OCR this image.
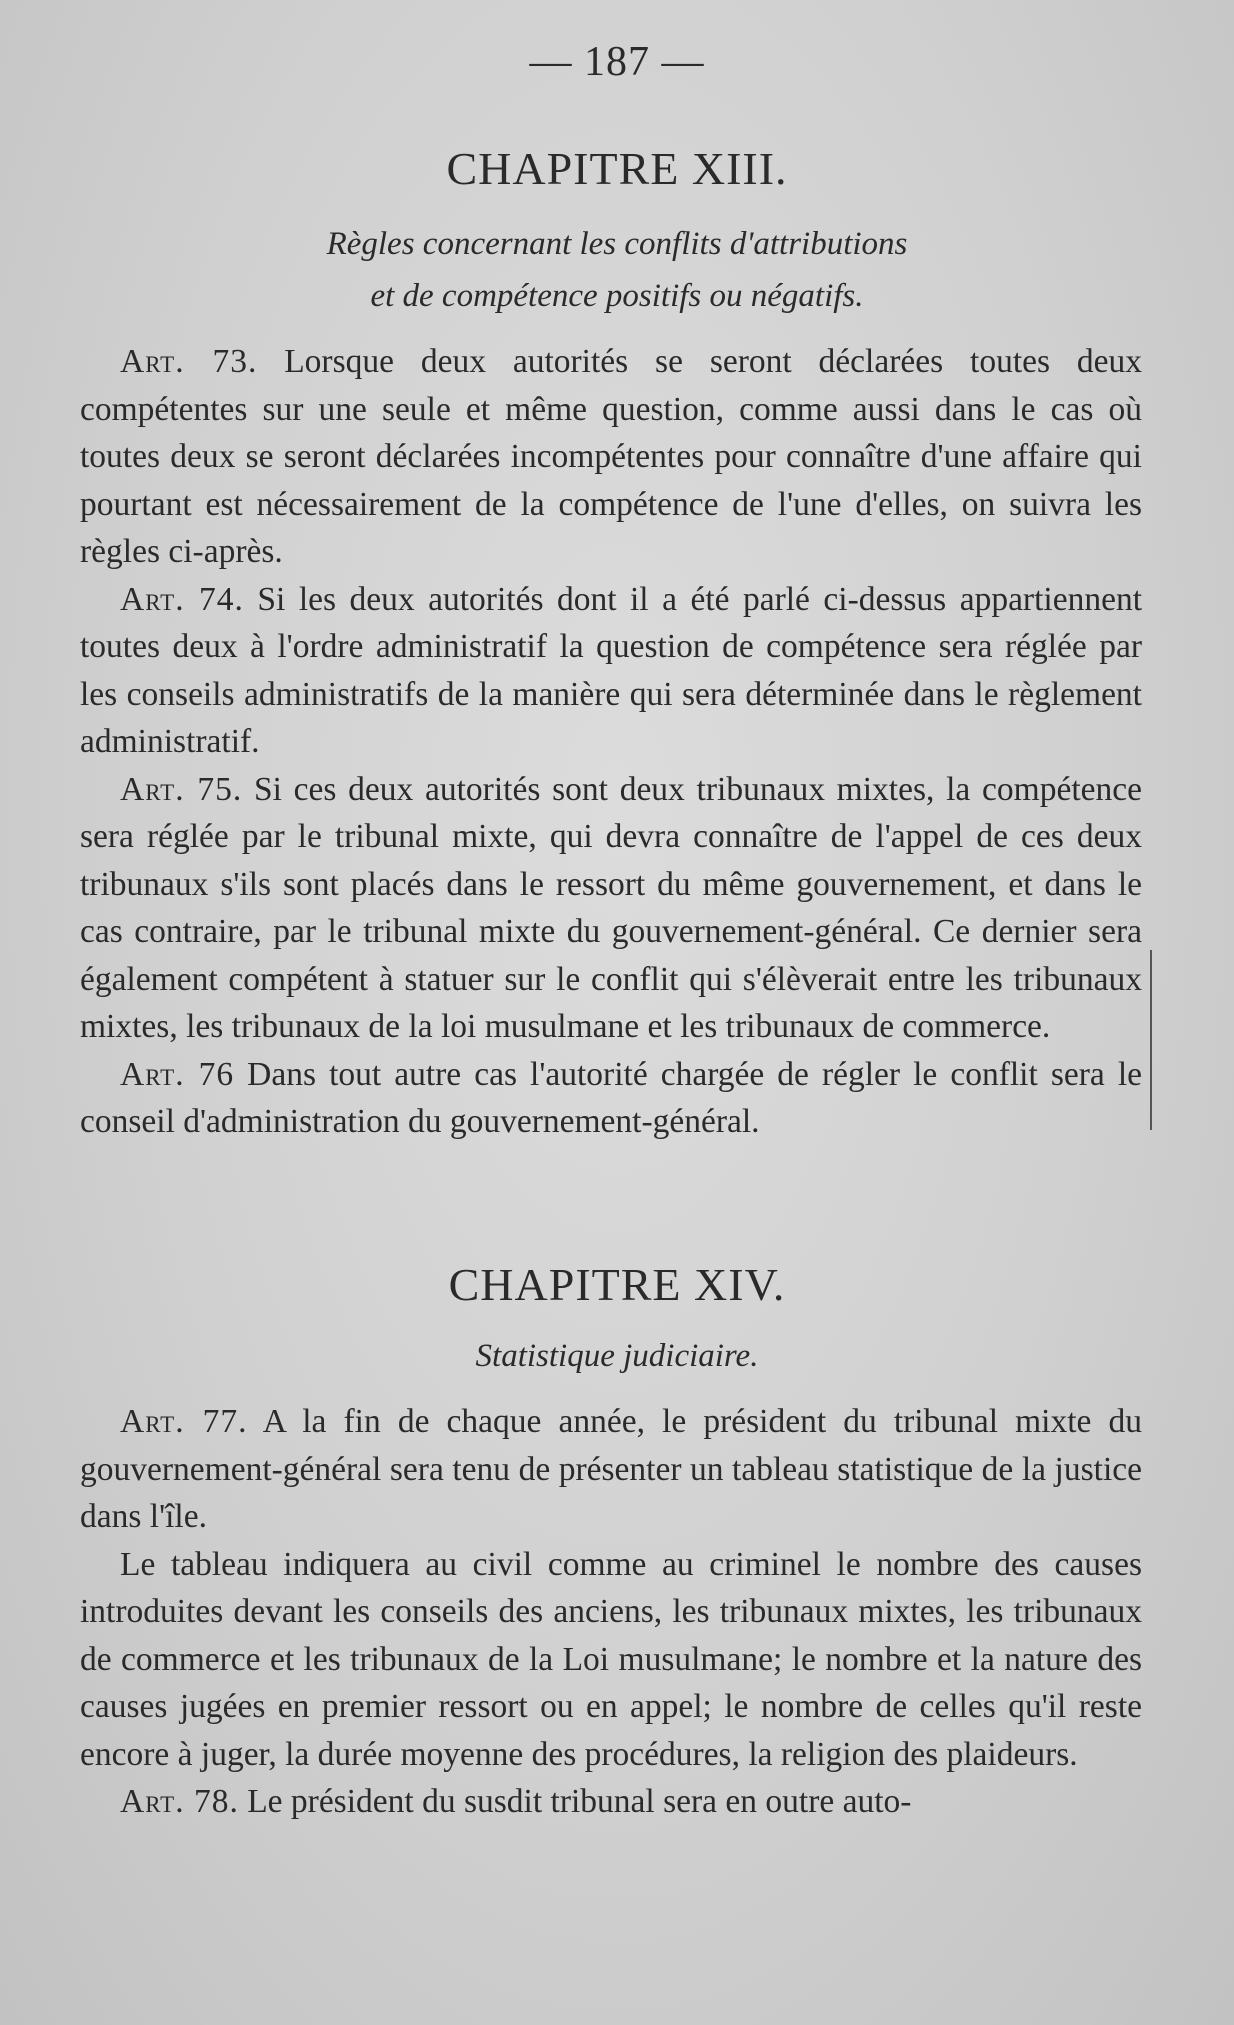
— 187 —
CHAPITRE XIII.
Règles concernant les conflits d'attributions
et de compétence positifs ou négatifs.

Art. 73. Lorsque deux autorités se seront déclarées toutes deux compétentes sur une seule et même question, comme aussi dans le cas où toutes deux se seront déclarées incompétentes pour connaître d'une affaire qui pourtant est nécessairement de la compétence de l'une d'elles, on suivra les règles ci-après.

Art. 74. Si les deux autorités dont il a été parlé ci-dessus appartiennent toutes deux à l'ordre administratif la question de compétence sera réglée par les conseils administratifs de la manière qui sera déterminée dans le règlement administratif.

Art. 75. Si ces deux autorités sont deux tribunaux mixtes, la compétence sera réglée par le tribunal mixte, qui devra connaître de l'appel de ces deux tribunaux s'ils sont placés dans le ressort du même gouvernement, et dans le cas contraire, par le tribunal mixte du gouvernement-général. Ce dernier sera également compétent à statuer sur le conflit qui s'élèverait entre les tribunaux mixtes, les tribunaux de la loi musulmane et les tribunaux de commerce.

Art. 76 Dans tout autre cas l'autorité chargée de régler le conflit sera le conseil d'administration du gouvernement-général.

CHAPITRE XIV.
Statistique judiciaire.

Art. 77. A la fin de chaque année, le président du tribunal mixte du gouvernement-général sera tenu de présenter un tableau statistique de la justice dans l'île.

Le tableau indiquera au civil comme au criminel le nombre des causes introduites devant les conseils des anciens, les tribunaux mixtes, les tribunaux de commerce et les tribunaux de la Loi musulmane; le nombre et la nature des causes jugées en premier ressort ou en appel; le nombre de celles qu'il reste encore à juger, la durée moyenne des procédures, la religion des plaideurs.

Art. 78. Le président du susdit tribunal sera en outre auto-
